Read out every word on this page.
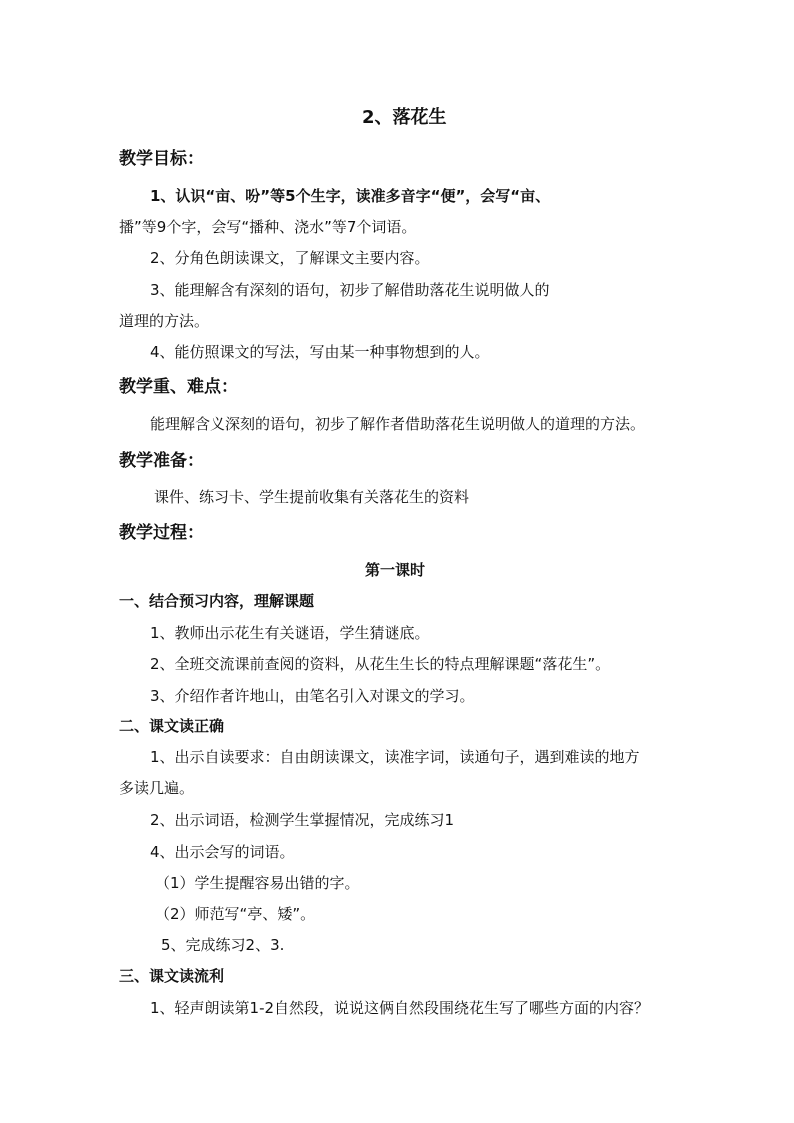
2、落花生
教学目标：
1、认识“亩、吩”等5个生字，读准多音字“便”，会写“亩、
播”等9个字，会写“播种、浇水”等7个词语。
2、分角色朗读课文，了解课文主要内容。
3、能理解含有深刻的语句，初步了解借助落花生说明做人的
道理的方法。
4、能仿照课文的写法，写由某一种事物想到的人。
教学重、难点：
能理解含义深刻的语句，初步了解作者借助落花生说明做人的道理的方法。
教学准备：
课件、练习卡、学生提前收集有关落花生的资料
教学过程：
第一课时
一、结合预习内容，理解课题
1、教师出示花生有关谜语，学生猜谜底。
2、全班交流课前查阅的资料，从花生生长的特点理解课题“落花生”。
3、介绍作者许地山，由笔名引入对课文的学习。
二、课文读正确
1、出示自读要求：自由朗读课文，读准字词，读通句子，遇到难读的地方
多读几遍。
2、出示词语，检测学生掌握情况，完成练习1
4、出示会写的词语。
（1）学生提醒容易出错的字。
（2）师范写“亭、矮”。
5、完成练习2、3.
三、课文读流利
1、轻声朗读第1-2自然段，说说这俩自然段围绕花生写了哪些方面的内容？
